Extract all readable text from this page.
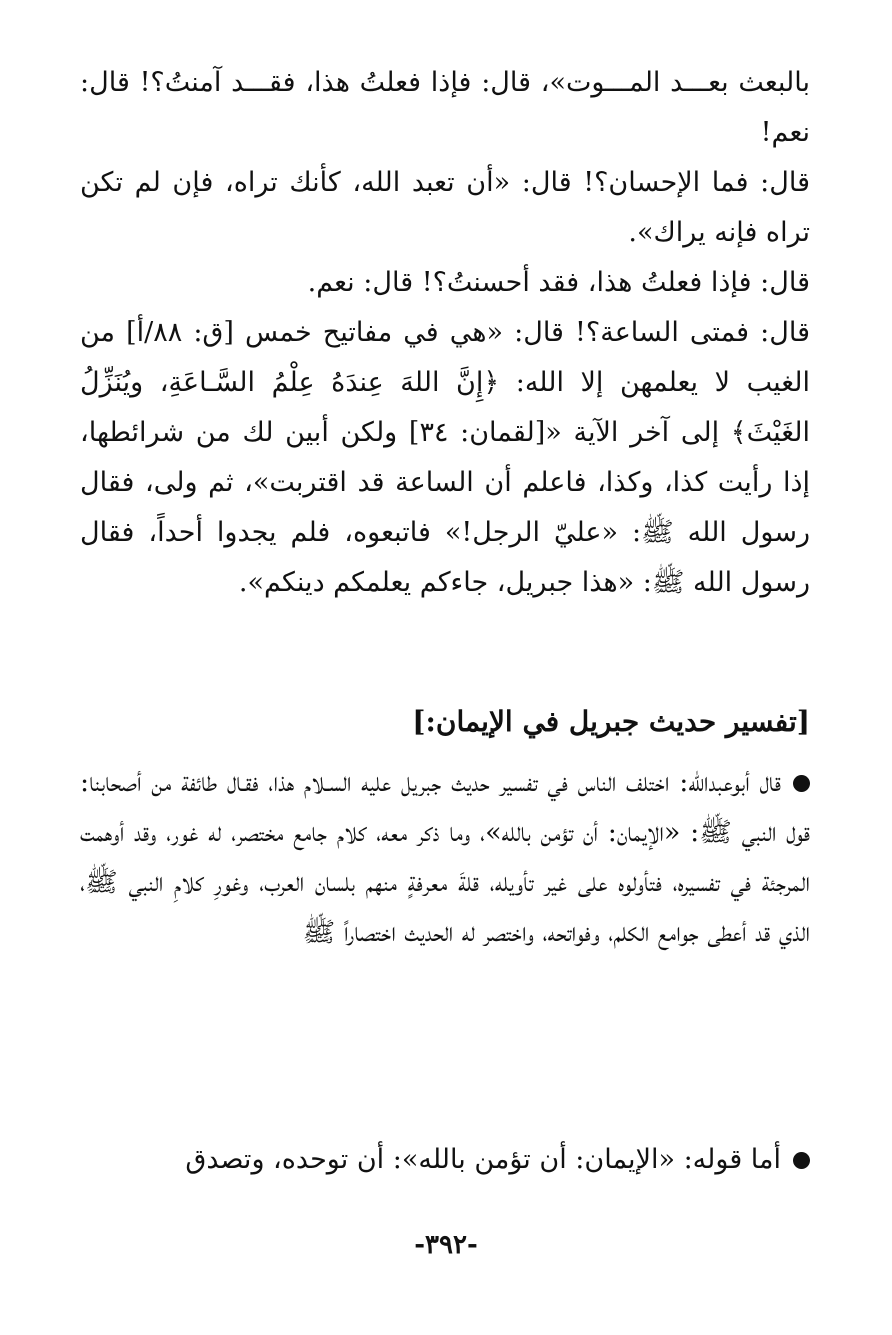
بالبعث بعـــد المـــوت»، قال: فإذا فعلتُ هذا، فقـــد آمنتُ؟! قال: نعم!

قال: فما الإحسان؟! قال: «أن تعبد الله، كأنك تراه، فإن لم تكن تراه فإنه يراك».

قال: فإذا فعلتُ هذا، فقد أحسنتُ؟! قال: نعم.

قال: فمتى الساعة؟! قال: «هي في مفاتيح خمس [ق: ٨٨/أ] من الغيب لا يعلمهن إلا الله: ﴿إِنَّ اللهَ عِندَهُ عِلْمُ السَّـاعَةِ، ويُنَزِّلُ الغَيْثَ﴾ إلى آخر الآية «[لقمان: ٣٤] ولكن أبين لك من شرائطها، إذا رأيت كذا، وكذا، فاعلم أن الساعة قد اقتربت»، ثم ولى، فقال رسول الله ﷺ: «عليّ الرجل!» فاتبعوه، فلم يجدوا أحداً، فقال رسول الله ﷺ: «هذا جبريل، جاءكم يعلمكم دينكم».

[تفسير حديث جبريل في الإيمان:]

قال أبوعبدالله: اختلف الناس في تفسير حديث جبريل عليه السـلام هذا، فقـال طائفة من أصحابنا: قول النبي ﷺ: «الإيمان: أن تؤمن بالله»، وما ذكر معه، كلام جامع مختصر، له غور، وقد أوهمت المرجئة في تفسيره، فتأولوه على غير تأويله، قلةَ معرفةٍ منهم بلسان العرب، وغورِ كلامِ النبي ﷺ، الذي قد أعطى جوامع الكلم، وفواتحه، واختصر له الحديث اختصاراً ﷺ

أما قوله: «الإيمان: أن تؤمن بالله»: أن توحده، وتصدق

-٣٩٢-
